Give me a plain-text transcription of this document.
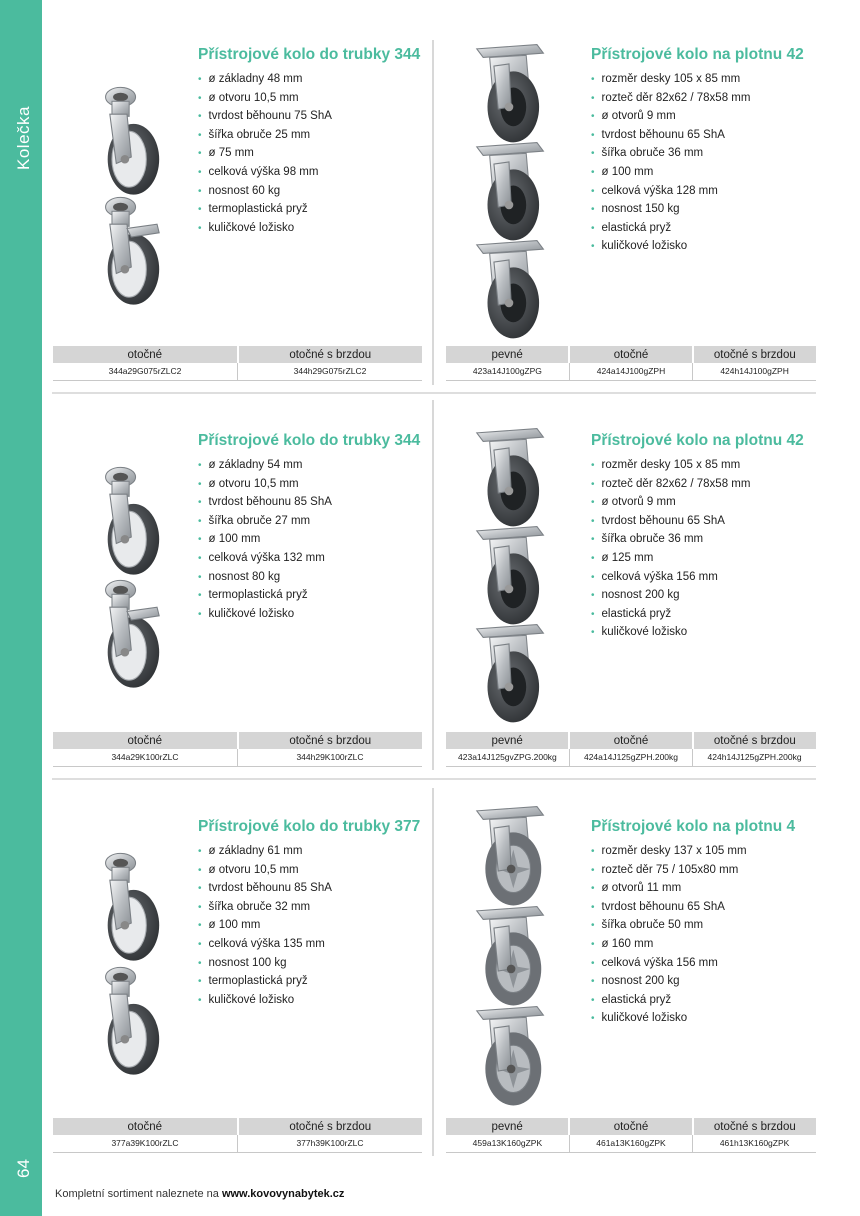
Kolečka
64
Přístrojové kolo do trubky 344
• ø základny 48 mm
• ø otvoru 10,5 mm
• tvrdost běhounu 75 ShA
• šířka obruče 25 mm
• ø 75 mm
• celková výška 98 mm
• nosnost 60 kg
• termoplastická pryž
• kuličkové ložisko
otočné	otočné s brzdou
344a29G075rZLC2	344h29G075rZLC2
Přístrojové kolo na plotnu 42
• rozměr desky 105 x 85 mm
• rozteč děr 82x62 / 78x58 mm
• ø otvorů 9 mm
• tvrdost běhounu 65 ShA
• šířka obruče 36 mm
• ø 100 mm
• celková výška 128 mm
• nosnost 150 kg
• elastická pryž
• kuličkové ložisko
pevné	otočné	otočné s brzdou
423a14J100gZPG	424a14J100gZPH	424h14J100gZPH
Přístrojové kolo do trubky 344
• ø základny 54 mm
• ø otvoru 10,5 mm
• tvrdost běhounu 85 ShA
• šířka obruče 27 mm
• ø 100 mm
• celková výška 132 mm
• nosnost 80 kg
• termoplastická pryž
• kuličkové ložisko
otočné	otočné s brzdou
344a29K100rZLC	344h29K100rZLC
Přístrojové kolo na plotnu 42
• rozměr desky 105 x 85 mm
• rozteč děr 82x62 / 78x58 mm
• ø otvorů 9 mm
• tvrdost běhounu 65 ShA
• šířka obruče 36 mm
• ø 125 mm
• celková výška 156 mm
• nosnost 200 kg
• elastická pryž
• kuličkové ložisko
pevné	otočné	otočné s brzdou
423a14J125gvZPG.200kg	424a14J125gZPH.200kg	424h14J125gZPH.200kg
Přístrojové kolo do trubky 377
• ø základny 61 mm
• ø otvoru 10,5 mm
• tvrdost běhounu 85 ShA
• šířka obruče 32 mm
• ø 100 mm
• celková výška 135 mm
• nosnost 100 kg
• termoplastická pryž
• kuličkové ložisko
otočné	otočné s brzdou
377a39K100rZLC	377h39K100rZLC
Přístrojové kolo na plotnu 4
• rozměr desky 137 x 105 mm
• rozteč děr 75 / 105x80 mm
• ø otvorů 11 mm
• tvrdost běhounu 65 ShA
• šířka obruče 50 mm
• ø 160 mm
• celková výška 156 mm
• nosnost 200 kg
• elastická pryž
• kuličkové ložisko
pevné	otočné	otočné s brzdou
459a13K160gZPK	461a13K160gZPK	461h13K160gZPK
Kompletní sortiment naleznete na www.kovovynabytek.cz
